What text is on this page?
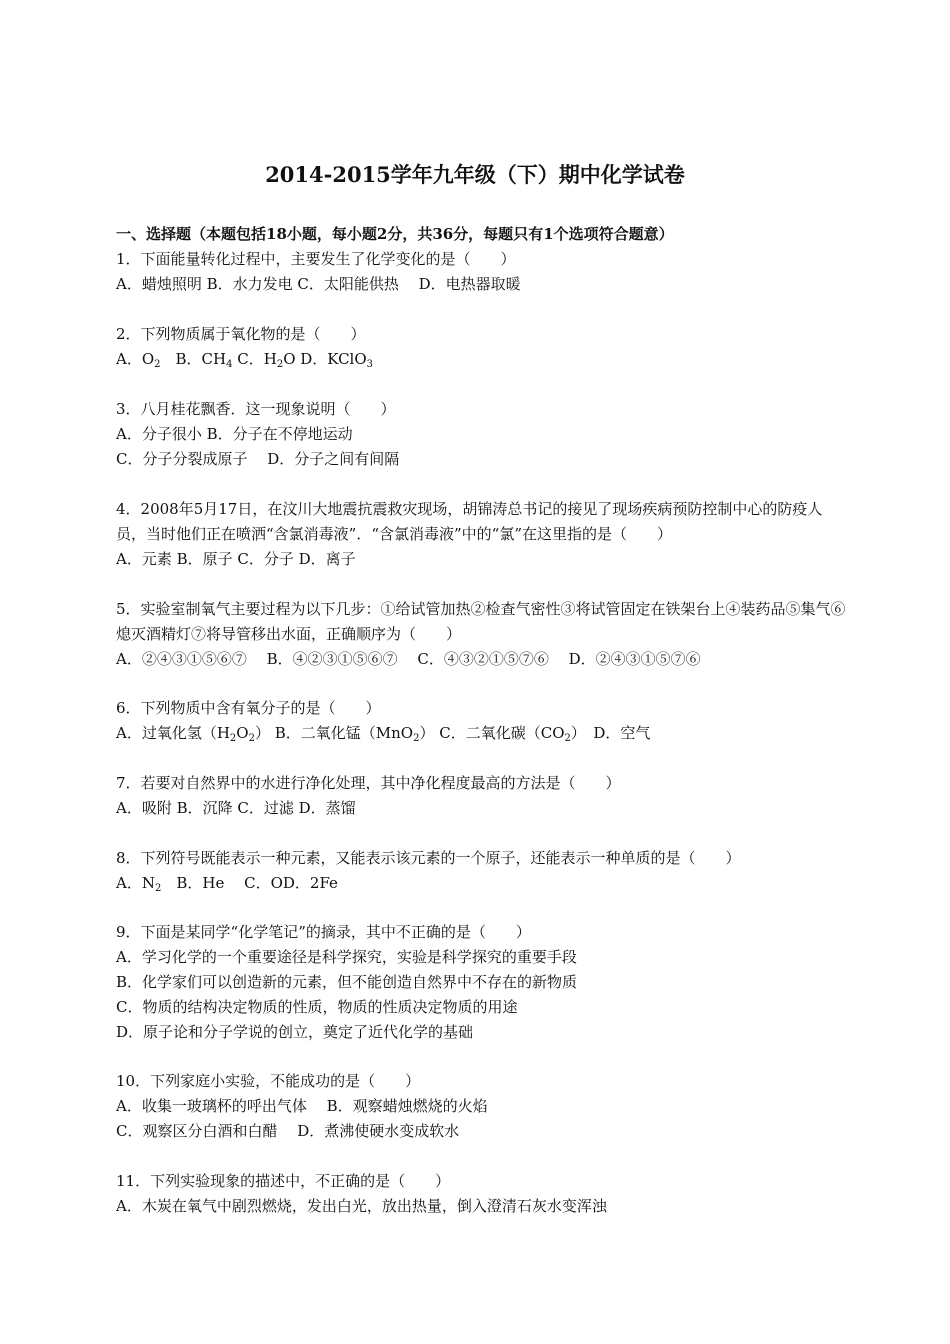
2014-2015学年九年级（下）期中化学试卷
一、选择题（本题包括18小题，每小题2分，共36分，每题只有1个选项符合题意）
1．下面能量转化过程中，主要发生了化学变化的是（　　）
A．蜡烛照明 B．水力发电 C．太阳能供热　 D．电热器取暖
2．下列物质属于氧化物的是（　　）
A．$O_2$　B．$CH_4$ C．$H_2O$ D．KClO$_3$
3．八月桂花飘香．这一现象说明（　　）
A．分子很小 B．分子在不停地运动
C．分子分裂成原子　 D．分子之间有间隔
4．2008年5月17日，在汶川大地震抗震救灾现场，胡锦涛总书记的接见了现场疾病预防控制中心的防疫人员，当时他们正在喷洒“含氯消毒液”．“含氯消毒液”中的“氯”在这里指的是（　　）
A．元素 B．原子 C．分子 D．离子
5．实验室制氧气主要过程为以下几步：①给试管加热②检查气密性③将试管固定在铁架台上④装药品⑤集气⑥熄灭酒精灯⑦将导管移出水面，正确顺序为（　　）
A．②④③①⑤⑥⑦　 B．④②③①⑤⑥⑦　 C．④③②①⑤⑦⑥　 D．②④③①⑤⑦⑥
6．下列物质中含有氧分子的是（　　）
A．过氧化氢$(H_2O_2)$ B．二氧化锰（MnO$_2$） C．二氧化碳$(CO_2)$　D．空气
7．若要对自然界中的水进行净化处理，其中净化程度最高的方法是（　　）
A．吸附 B．沉降 C．过滤 D．蒸馏
8．下列符号既能表示一种元素，又能表示该元素的一个原子，还能表示一种单质的是（　　）
A．$N_2$　B．He　 C．OD．2Fe
9．下面是某同学“化学笔记”的摘录，其中不正确的是（　　）
A．学习化学的一个重要途径是科学探究，实验是科学探究的重要手段
B．化学家们可以创造新的元素，但不能创造自然界中不存在的新物质
C．物质的结构决定物质的性质，物质的性质决定物质的用途
D．原子论和分子学说的创立，奠定了近代化学的基础
10．下列家庭小实验，不能成功的是（　　）
A．收集一玻璃杯的呼出气体　 B．观察蜡烛燃烧的火焰
C．观察区分白酒和白醋　 D．煮沸使硬水变成软水
11．下列实验现象的描述中，不正确的是（　　）
A．木炭在氧气中剧烈燃烧，发出白光，放出热量，倒入澄清石灰水变浑浊
